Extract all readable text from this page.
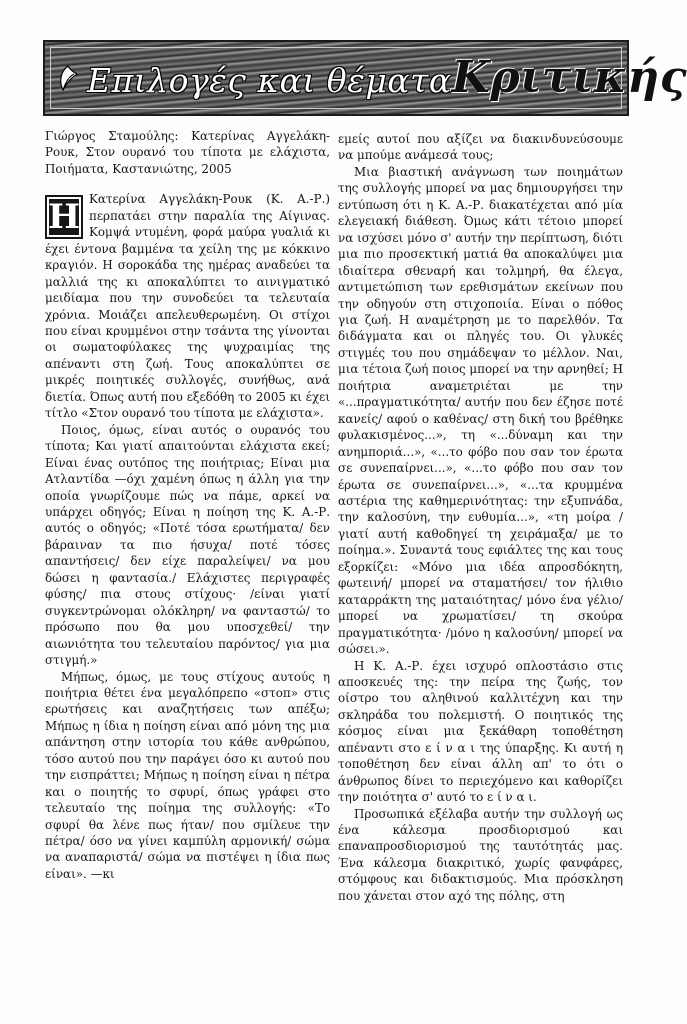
Επιλογές και θέματαΚριτικής

Γιώργος Σταμούλης: Κατερίνας Αγγελάκη-Ρουκ, Στον ουρανό του τίποτα με ελάχιστα, Ποιήματα, Καστανιώτης, 2005

Η Κατερίνα Αγγελάκη-Ρουκ (Κ. Α.-Ρ.) περπατάει στην παραλία της Αίγινας. Κομψά ντυμένη, φορά μαύρα γυαλιά κι έχει έντονα βαμμένα τα χείλη της με κόκκινο κραγιόν. Η σοροκάδα της ημέρας αναδεύει τα μαλλιά της κι αποκαλύπτει το αινιγματικό μειδίαμα που την συνοδεύει τα τελευταία χρόνια. Μοιάζει απελευθερωμένη. Οι στίχοι που είναι κρυμμένοι στην τσάντα της γίνονται οι σωματοφύλακες της ψυχραιμίας της απέναντι στη ζωή. Τους αποκαλύπτει σε μικρές ποιητικές συλλογές, συνήθως, ανά διετία. Όπως αυτή που εξεδόθη το 2005 κι έχει τίτλο «Στον ουρανό του τίποτα με ελάχιστα».

Ποιος, όμως, είναι αυτός ο ουρανός του τίποτα; Και γιατί απαιτούνται ελάχιστα εκεί; Είναι ένας ουτόπος της ποιήτριας; Είναι μια Ατλαντίδα —όχι χαμένη όπως η άλλη για την οποία γνωρίζουμε πώς να πάμε, αρκεί να υπάρχει οδηγός; Είναι η ποίηση της Κ. Α.-Ρ. αυτός ο οδηγός; «Ποτέ τόσα ερωτήματα/ δεν βάραιναν τα πιο ήσυχα/ ποτέ τόσες απαντήσεις/ δεν είχε παραλείψει/ να μου δώσει η φαντασία./ Ελάχιστες περιγραφές φύσης/ πια στους στίχους· /είναι γιατί συγκεντρώνομαι ολόκληρη/ να φανταστώ/ το πρόσωπο που θα μου υποσχεθεί/ την αιωνιότητα του τελευταίου παρόντος/ για μια στιγμή.»

Μήπως, όμως, με τους στίχους αυτούς η ποιήτρια θέτει ένα μεγαλόπρεπο «στοπ» στις ερωτήσεις και αναζητήσεις των απέξω; Μήπως η ίδια η ποίηση είναι από μόνη της μια απάντηση στην ιστορία του κάθε ανθρώπου, τόσο αυτού που την παράγει όσο κι αυτού που την εισπράττει; Μήπως η ποίηση είναι η πέτρα και ο ποιητής το σφυρί, όπως γράφει στο τελευταίο της ποίημα της συλλογής: «Το σφυρί θα λένε πως ήταν/ που σμίλευε την πέτρα/ όσο να γίνει καμπύλη αρμονική/ σώμα να αναπαριστά/ σώμα να πιστέψει η ίδια πως είναι». —κι

εμείς αυτοί που αξίζει να διακινδυνεύσουμε να μπούμε ανάμεσά τους;

Μια βιαστική ανάγνωση των ποιημάτων της συλλογής μπορεί να μας δημιουργήσει την εντύπωση ότι η Κ. Α.-Ρ. διακατέχεται από μία ελεγειακή διάθεση. Όμως κάτι τέτοιο μπορεί να ισχύσει μόνο σ' αυτήν την περίπτωση, διότι μια πιο προσεκτική ματιά θα αποκαλύψει μια ιδιαίτερα σθεναρή και τολμηρή, θα έλεγα, αντιμετώπιση των ερεθισμάτων εκείνων που την οδηγούν στη στιχοποιία. Είναι ο πόθος για ζωή. Η αναμέτρηση με το παρελθόν. Τα διδάγματα και οι πληγές του. Οι γλυκές στιγμές του που σημάδεψαν το μέλλον. Ναι, μια τέτοια ζωή ποιος μπορεί να την αρνηθεί; Η ποιήτρια αναμετριέται με την «...πραγματικότητα/ αυτήν που δεν έζησε ποτέ κανείς/ αφού ο καθένας/ στη δική του βρέθηκε φυλακισμένος...», τη «...δύναμη και την ανημποριά...», «...το φόβο που σαν τον έρωτα σε συνεπαίρνει...», «...το φόβο που σαν τον έρωτα σε συνεπαίρνει...», «...τα κρυμμένα αστέρια της καθημερινότητας: την εξυπνάδα, την καλοσύνη, την ευθυμία...», «τη μοίρα /γιατί αυτή καθοδηγεί τη χειράμαξα/ με το ποίημα.». Συναντά τους εφιάλτες της και τους εξορκίζει: «Μόνο μια ιδέα απροσδόκητη, φωτεινή/ μπορεί να σταματήσει/ τον ήλιθιο καταρράκτη της ματαιότητας/ μόνο ένα γέλιο/ μπορεί να χρωματίσει/ τη σκούρα πραγματικότητα· /μόνο η καλοσύνη/ μπορεί να σώσει.».

Η Κ. Α.-Ρ. έχει ισχυρό οπλοστάσιο στις αποσκευές της: την πείρα της ζωής, τον οίστρο του αληθινού καλλιτέχνη και την σκληράδα του πολεμιστή. Ο ποιητικός της κόσμος είναι μια ξεκάθαρη τοποθέτηση απέναντι στο ε ί ν α ι της ύπαρξης. Κι αυτή η τοποθέτηση δεν είναι άλλη απ' το ότι ο άνθρωπος δίνει το περιεχόμενο και καθορίζει την ποιότητα σ' αυτό το ε ί ν α ι.

Προσωπικά εξέλαβα αυτήν την συλλογή ως ένα κάλεσμα προσδιορισμού και επαναπροσδιορισμού της ταυτότητάς μας. Ένα κάλεσμα διακριτικό, χωρίς φανφάρες, στόμφους και διδακτισμούς. Μια πρόσκληση που χάνεται στον αχό της πόλης, στη
